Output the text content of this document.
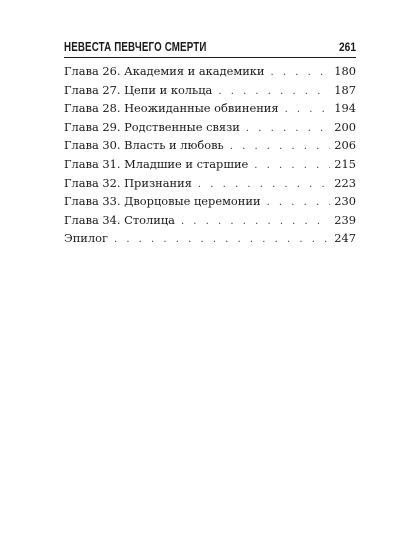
НЕВЕСТА ПЕВЧЕГО СМЕРТИ	261
Глава 26. Академия и академики . . .	180
Глава 27. Цепи и кольца . . .	187
Глава 28. Неожиданные обвинения . . .	194
Глава 29. Родственные связи . . .	200
Глава 30. Власть и любовь . . .	206
Глава 31. Младшие и старшие . . .	215
Глава 32. Признания . . .	223
Глава 33. Дворцовые церемонии . . .	230
Глава 34. Столица . . .	239
Эпилог . . .	247
